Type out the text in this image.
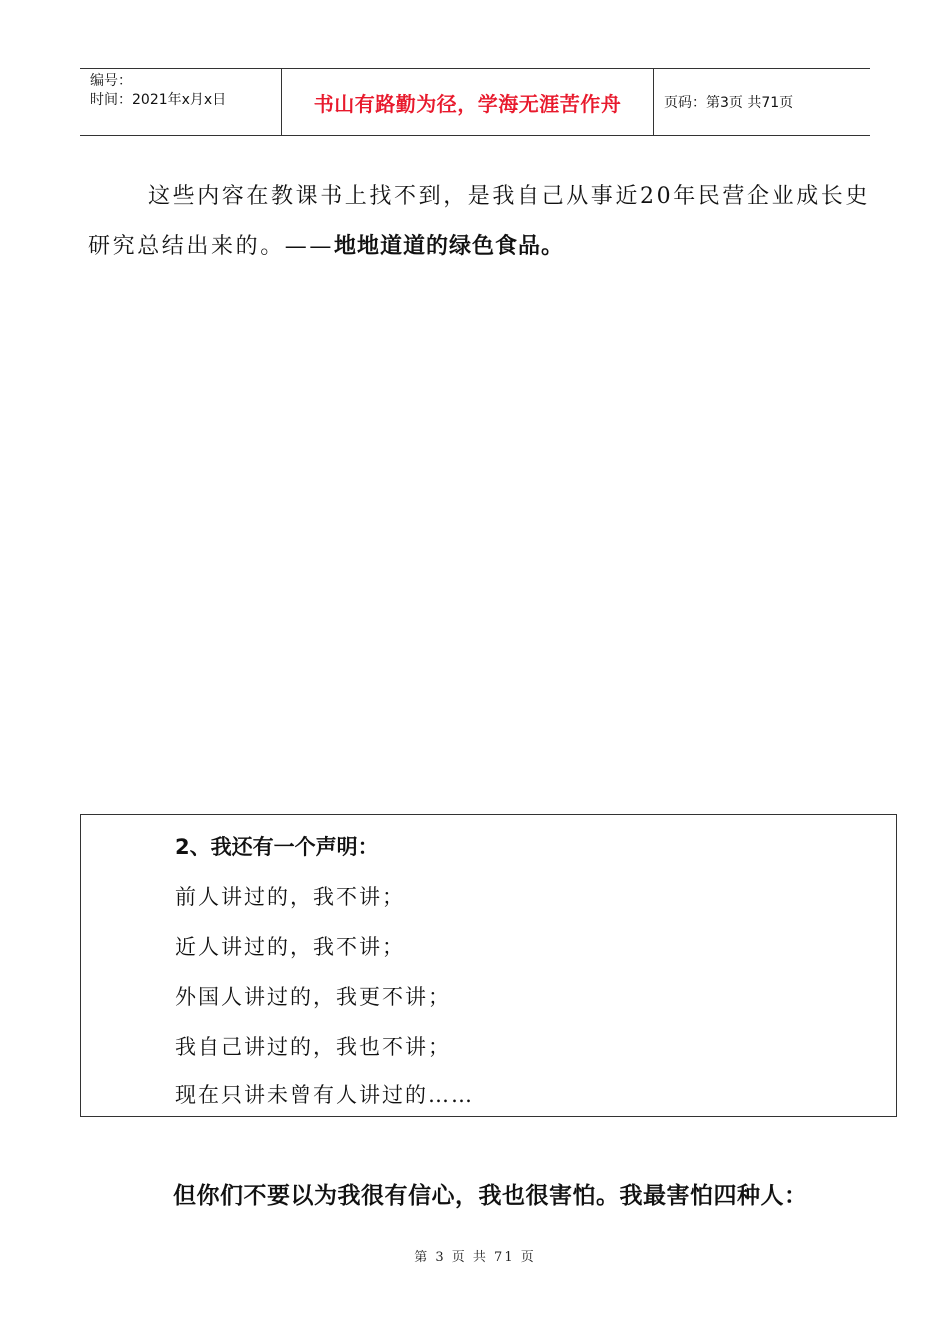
编号：
时间：2021年x月x日	书山有路勤为径，学海无涯苦作舟	页码：第3页 共71页
这些内容在教课书上找不到，是我自己从事近20年民营企业成长史研究总结出来的。——地地道道的绿色食品。
2、我还有一个声明：
前人讲过的，我不讲；
近人讲过的，我不讲；
外国人讲过的，我更不讲；
我自己讲过的，我也不讲；
现在只讲未曾有人讲过的……
但你们不要以为我很有信心，我也很害怕。我最害怕四种人：
第 3 页 共 71 页
